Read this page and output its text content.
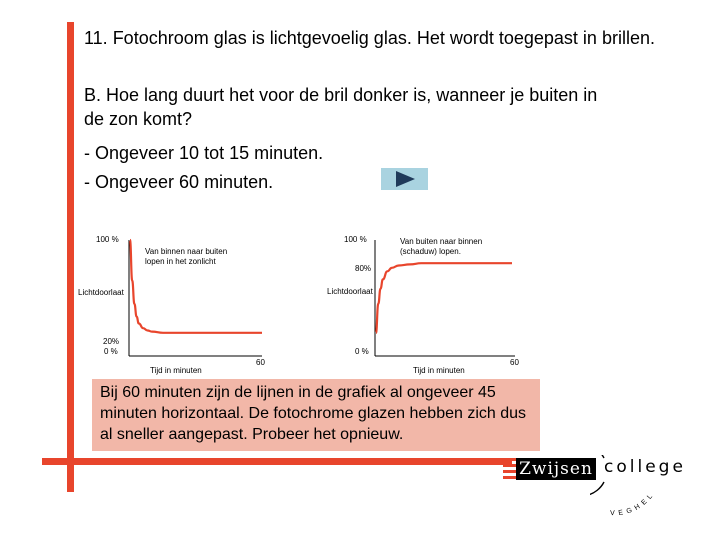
11. Fotochroom glas is lichtgevoelig glas. Het wordt toegepast in brillen.

B. Hoe lang duurt het voor de bril donker is, wanneer je buiten in de zon komt?

- Ongeveer 10 tot 15 minuten.

- Ongeveer 60 minuten.

100 %
Van binnen naar buiten lopen in het zonlicht
Lichtdoorlaat
20%
0 %
Tijd in minuten
60
100 %	Van buiten naar binnen (schaduw) lopen.
80%
Lichtdoorlaat
0 %
Tijd in minuten
60
Bij 60 minuten zijn de lijnen in de grafiek al ongeveer 45 minuten horizontaal. De fotochrome glazen hebben zich dus al sneller aangepast. Probeer het opnieuw.
Zwijsen
VEGHEL
college
